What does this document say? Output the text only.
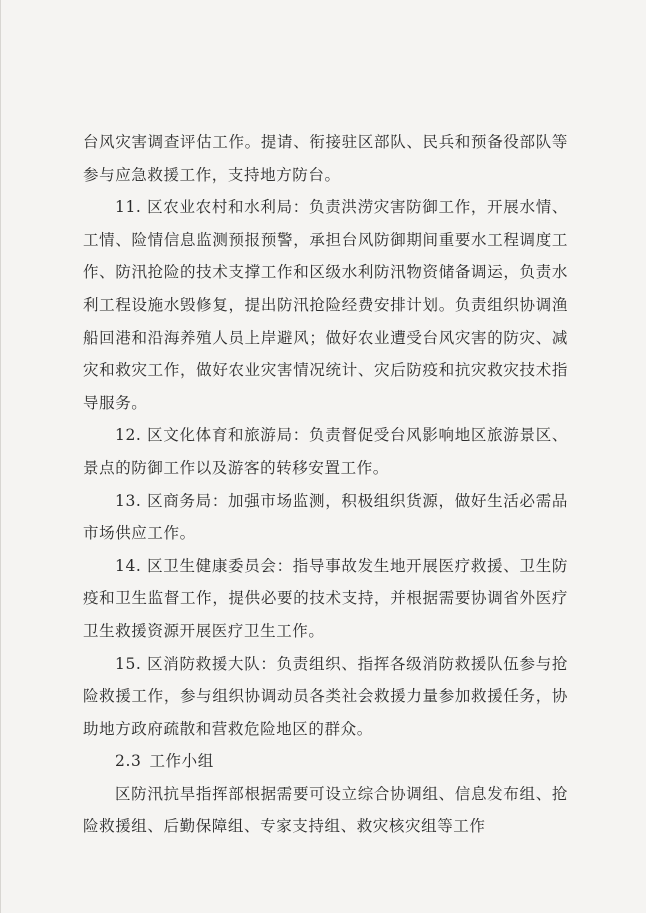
台风灾害调查评估工作。提请、衔接驻区部队、民兵和预备役部队等参与应急救援工作，支持地方防台。

11. 区农业农村和水利局：负责洪涝灾害防御工作，开展水情、工情、险情信息监测预报预警，承担台风防御期间重要水工程调度工作、防汛抢险的技术支撑工作和区级水利防汛物资储备调运，负责水利工程设施水毁修复，提出防汛抢险经费安排计划。负责组织协调渔船回港和沿海养殖人员上岸避风；做好农业遭受台风灾害的防灾、减灾和救灾工作，做好农业灾害情况统计、灾后防疫和抗灾救灾技术指导服务。

12. 区文化体育和旅游局：负责督促受台风影响地区旅游景区、景点的防御工作以及游客的转移安置工作。

13. 区商务局：加强市场监测，积极组织货源，做好生活必需品市场供应工作。

14. 区卫生健康委员会：指导事故发生地开展医疗救援、卫生防疫和卫生监督工作，提供必要的技术支持，并根据需要协调省外医疗卫生救援资源开展医疗卫生工作。

15. 区消防救援大队：负责组织、指挥各级消防救援队伍参与抢险救援工作，参与组织协调动员各类社会救援力量参加救援任务，协助地方政府疏散和营救危险地区的群众。

2.3 工作小组

区防汛抗旱指挥部根据需要可设立综合协调组、信息发布组、抢险救援组、后勤保障组、专家支持组、救灾核灾组等工作
